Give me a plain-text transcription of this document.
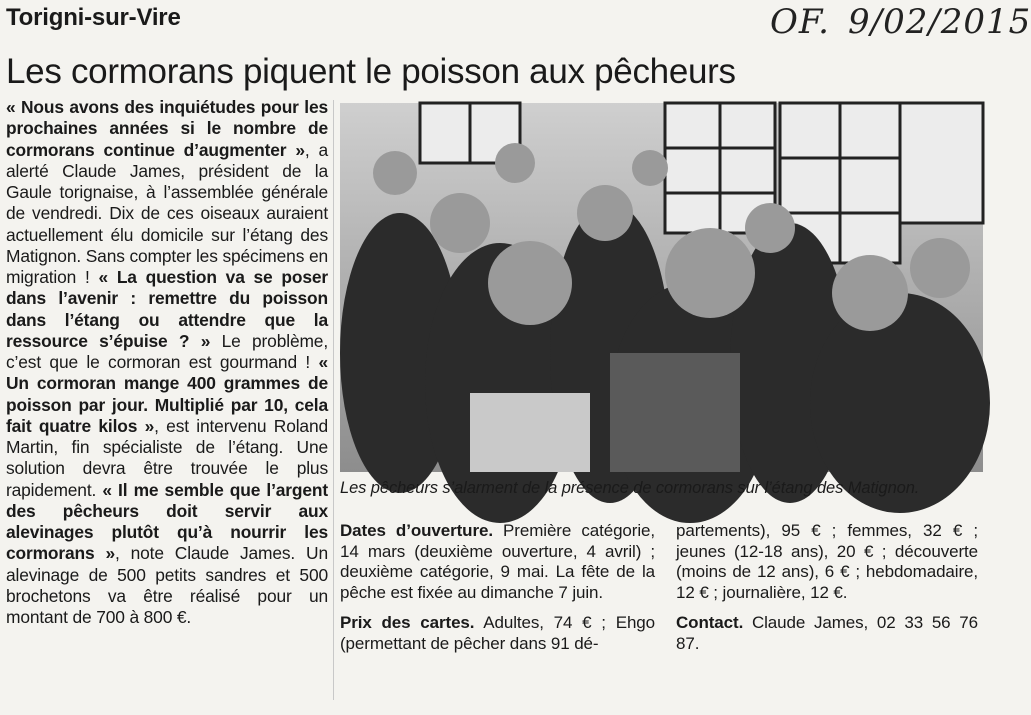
Torigni-sur-Vire	OF. 9/02/2015
Les cormorans piquent le poisson aux pêcheurs

« Nous avons des inquiétudes pour les prochaines années si le nombre de cormorans continue d’augmenter », a alerté Claude James, président de la Gaule torignaise, à l’assemblée générale de vendredi. Dix de ces oiseaux auraient actuellement élu domicile sur l’étang des Matignon. Sans compter les spécimens en migration ! « La question va se poser dans l’avenir : remettre du poisson dans l’étang ou attendre que la ressource s’épuise ? » Le problème, c’est que le cormoran est gourmand ! « Un cormoran mange 400 grammes de poisson par jour. Multiplié par 10, cela fait quatre kilos », est intervenu Roland Martin, fin spécialiste de l’étang. Une solution devra être trouvée le plus rapidement. « Il me semble que l’argent des pêcheurs doit servir aux alevinages plutôt qu’à nourrir les cormorans », note Claude James. Un alevinage de 500 petits sandres et 500 brochetons va être réalisé pour un montant de 700 à 800 €.

Les pêcheurs s’alarment de la présence de cormorans sur l’étang des Matignon.

Dates d’ouverture. Première catégorie, 14 mars (deuxième ouverture, 4 avril) ; deuxième catégorie, 9 mai. La fête de la pêche est fixée au dimanche 7 juin.

Prix des cartes. Adultes, 74 € ; Ehgo (permettant de pêcher dans 91 dé-

partements), 95 € ; femmes, 32 € ; jeunes (12-18 ans), 20 € ; découverte (moins de 12 ans), 6 € ; hebdomadaire, 12 € ; journalière, 12 €.

Contact. Claude James, 02 33 56 76 87.
